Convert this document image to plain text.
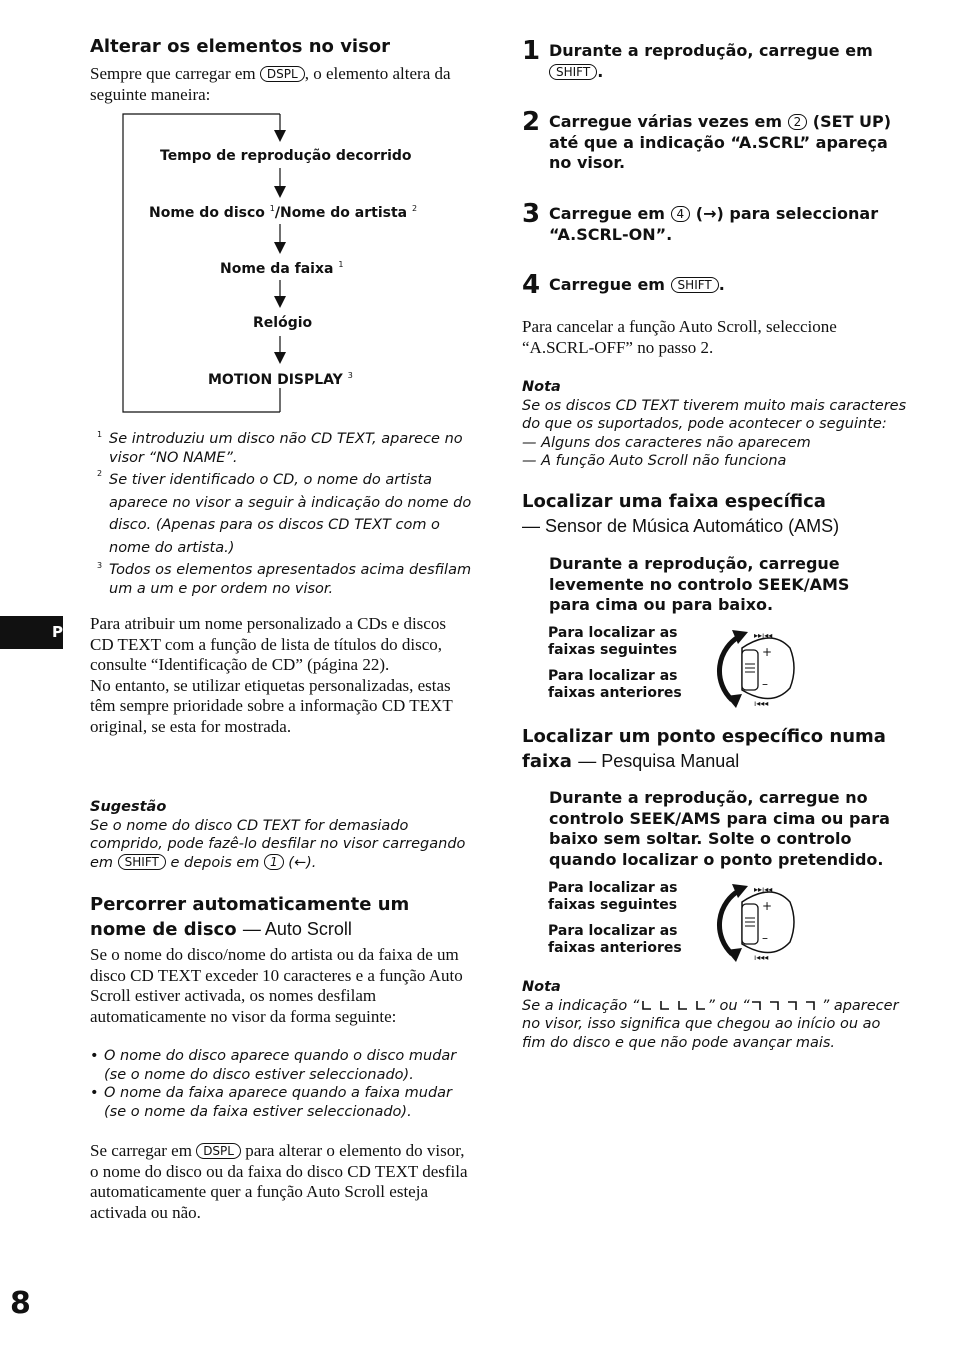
Alterar os elementos no visor
Sempre que carregar em DSPL , o elemento altera da seguinte maneira:
Tempo de reprodução decorrido
Nome do disco $^1$/Nome do artista $^2$
Nome da faixa $^1$
Relógio
MOTION DISPLAY $^3$
1 Se introduziu um disco não CD TEXT, aparece no visor “NO NAME”.
2 Se tiver identificado o CD, o nome do artista aparece no visor a seguir à indicação do nome do disco. (Apenas para os discos CD TEXT com o nome do artista.)
3 Todos os elementos apresentados acima desfilam um a um e por ordem no visor.
P Para atribuir um nome personalizado a CDs e discos CD TEXT com a função de lista de títulos do disco, consulte “Identificação de CD” (página 22).
No entanto, se utilizar etiquetas personalizadas, estas têm sempre prioridade sobre a informação CD TEXT original, se esta for mostrada.
Sugestão
Se o nome do disco CD TEXT for demasiado comprido, pode fazê-lo desfilar no visor carregando em SHIFT e depois em 1 (←).
Percorrer automaticamente um nome de disco — Auto Scroll
Se o nome do disco/nome do artista ou da faixa de um disco CD TEXT exceder 10 caracteres e a função Auto Scroll estiver activada, os nomes desfilam automaticamente no visor da forma seguinte:
• O nome do disco aparece quando o disco mudar (se o nome do disco estiver seleccionado).
• O nome da faixa aparece quando a faixa mudar (se o nome da faixa estiver seleccionado).
Se carregar em DSPL para alterar o elemento do visor, o nome do disco ou da faixa do disco CD TEXT desfila automaticamente quer a função Auto Scroll esteja activada ou não.
8
1 Durante a reprodução, carregue em
SHIFT .
2 Carregue várias vezes em 2 (SET UP) até que a indicação “A.SCRL” apareça no visor.
3 Carregue em 4 (→) para seleccionar “A.SCRL-ON”.
4 Carregue em SHIFT .
Para cancelar a função Auto Scroll, seleccione “A.SCRL-OFF” no passo 2.
Nota
Se os discos CD TEXT tiverem muito mais caracteres do que os suportados, pode acontecer o seguinte:
— Alguns dos caracteres não aparecem
— A função Auto Scroll não funciona
Localizar uma faixa específica
— Sensor de Música Automático (AMS)
Durante a reprodução, carregue levemente no controlo SEEK/AMS para cima ou para baixo.
Para localizar as faixas seguintes
Para localizar as faixas anteriores
+
–
▸▸ı◂◂
ı◂◂◂
Localizar um ponto específico numa faixa — Pesquisa Manual
Durante a reprodução, carregue no controlo SEEK/AMS para cima ou para baixo sem soltar. Solte o controlo quando localizar o ponto pretendido.
Para localizar as faixas seguintes
Para localizar as faixas anteriores
+
–
▸▸ı◂◂
ı◂◂◂
Nota
Se a indicação “	” ou “	” aparecer no visor, isso significa que chegou ao início ou ao fim do disco e que não pode avançar mais.
